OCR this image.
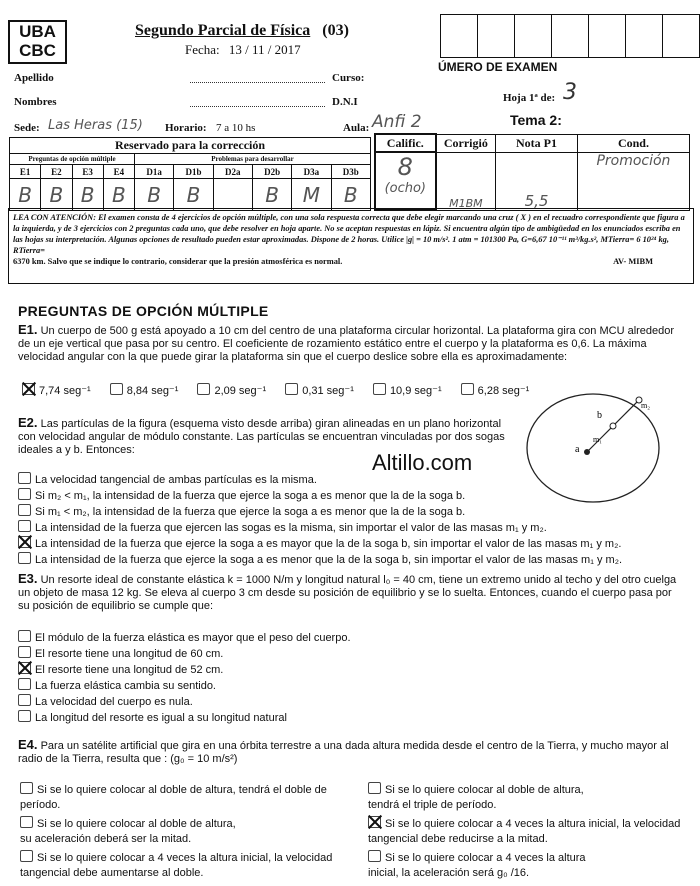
UBA
CBC
Segundo Parcial de Física (03)
Fecha: 13 / 11 / 2017

ÚMERO DE EXAMEN
Apellido
Nombres
Curso:
D.N.I	Hoja 1ª de: 3
Sede: Las Heras (15) Horario: 7 a 10 hs	Aula: Anfi 2	Tema 2:
Reservado para la corrección									
Preguntas de opción múltiple				Problemas para desarrollar					
E1	E2	E3	E4	D1a	D1b	D2a	D2b	D3a	D3b
B	B	B	B	B	B		B	M	B
Calific.	Corrigió	Nota P1	Cond.

8
(ocho)	M1BM	5,5	Promoción
LEA CON ATENCIÓN: El examen consta de 4 ejercicios de opción múltiple, con una sola respuesta correcta que debe elegir marcando una cruz ( X ) en el recuadro correspondiente que figura a la izquierda, y de 3 ejercicios con 2 preguntas cada uno, que debe resolver en hoja aparte. No se aceptan respuestas en lápiz. Si encuentra algún tipo de ambigüedad en los enunciados escriba en las hojas su interpretación. Algunas opciones de resultado pueden estar aproximadas. Dispone de 2 horas. Utilice |g| = 10 m/s². 1 atm = 101300 Pa, G=6,67 10⁻¹¹ m³/kg.s², MTierra= 6 10²⁴ kg, RTierra=
6370 km. Salvo que se indique lo contrario, considerar que la presión atmosférica es normal.	AV- MIBM
PREGUNTAS DE OPCIÓN MÚLTIPLE
E1. Un cuerpo de 500 g está apoyado a 10 cm del centro de una plataforma circular horizontal. La plataforma gira con MCU alrededor de un eje vertical que pasa por su centro. El coeficiente de rozamiento estático entre el cuerpo y la plataforma es 0,6. La máxima velocidad angular con la que puede girar la plataforma sin que el cuerpo deslice sobre ella es aproximadamente:
7,74 seg⁻¹	8,84 seg⁻¹	2,09 seg⁻¹	0,31 seg⁻¹	10,9 seg⁻¹	6,28 seg⁻¹
E2. Las partículas de la figura (esquema visto desde arriba) giran alineadas en un plano horizontal con velocidad angular de módulo constante. Las partículas se encuentran vinculadas por dos sogas ideales a y b. Entonces:	a
b
m₁
m₂
Altillo.com
La velocidad tangencial de ambas partículas es la misma.
Si m₂ < m₁, la intensidad de la fuerza que ejerce la soga a es menor que la de la soga b.
Si m₁ < m₂, la intensidad de la fuerza que ejerce la soga a es menor que la de la soga b.
La intensidad de la fuerza que ejercen las sogas es la misma, sin importar el valor de las masas m₁ y m₂.
La intensidad de la fuerza que ejerce la soga a es mayor que la de la soga b, sin importar el valor de las masas m₁ y m₂.
La intensidad de la fuerza que ejerce la soga a es menor que la de la soga b, sin importar el valor de las masas m₁ y m₂.
E3. Un resorte ideal de constante elástica k = 1000 N/m y longitud natural l₀ = 40 cm, tiene un extremo unido al techo y del otro cuelga un objeto de masa 12 kg. Se eleva al cuerpo 3 cm desde su posición de equilibrio y se lo suelta. Entonces, cuando el cuerpo pasa por su posición de equilibrio se cumple que:
El módulo de la fuerza elástica es mayor que el peso del cuerpo.
El resorte tiene una longitud de 60 cm.
El resorte tiene una longitud de 52 cm.
La fuerza elástica cambia su sentido.
La velocidad del cuerpo es nula.
La longitud del resorte es igual a su longitud natural
E4. Para un satélite artificial que gira en una órbita terrestre a una dada altura medida desde el centro de la Tierra, y mucho mayor al radio de la Tierra, resulta que : (g₀ = 10 m/s²)
Si se lo quiere colocar al doble de altura, tendrá el doble de
período.
Si se lo quiere colocar al doble de altura,
su aceleración deberá ser la mitad.
Si se lo quiere colocar a 4 veces la altura inicial, la velocidad
tangencial debe aumentarse al doble.
Si se lo quiere colocar al doble de altura,
tendrá el triple de período.
Si se lo quiere colocar a 4 veces la altura inicial, la velocidad
tangencial debe reducirse a la mitad.
Si se lo quiere colocar a 4 veces la altura
inicial, la aceleración será g₀ /16.
